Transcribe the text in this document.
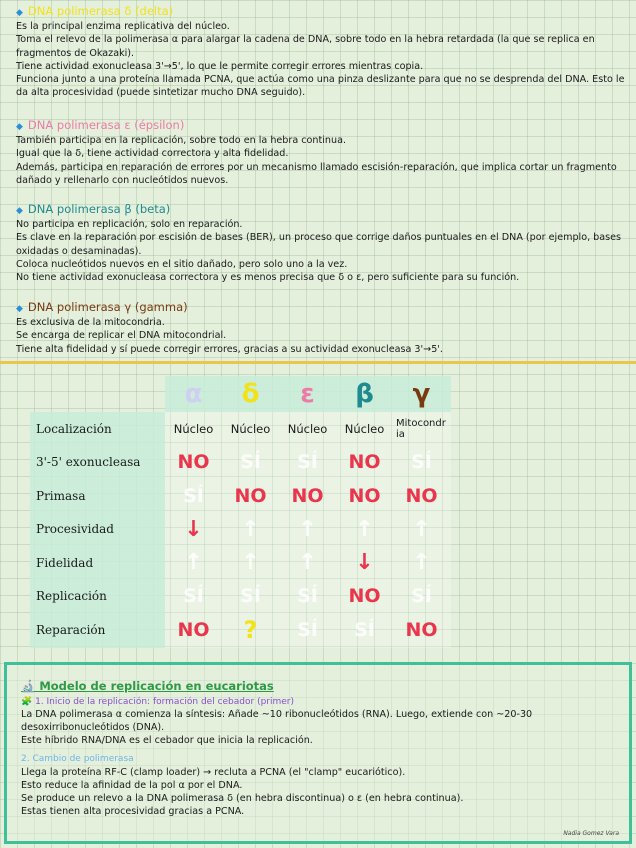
◆ DNA polimerasa δ (delta)
Es la principal enzima replicativa del núcleo.
Toma el relevo de la polimerasa α para alargar la cadena de DNA, sobre todo en la hebra retardada (la que se replica en fragmentos de Okazaki).
Tiene actividad exonucleasa 3'→5', lo que le permite corregir errores mientras copia.
Funciona junto a una proteína llamada PCNA, que actúa como una pinza deslizante para que no se desprenda del DNA. Esto le da alta procesividad (puede sintetizar mucho DNA seguido).
◆ DNA polimerasa ε (épsilon)
También participa en la replicación, sobre todo en la hebra continua.
Igual que la δ, tiene actividad correctora y alta fidelidad.
Además, participa en reparación de errores por un mecanismo llamado escisión-reparación, que implica cortar un fragmento dañado y rellenarlo con nucleótidos nuevos.
◆ DNA polimerasa β (beta)
No participa en replicación, solo en reparación.
Es clave en la reparación por escisión de bases (BER), un proceso que corrige daños puntuales en el DNA (por ejemplo, bases oxidadas o desaminadas).
Coloca nucleótidos nuevos en el sitio dañado, pero solo uno a la vez.
No tiene actividad exonucleasa correctora y es menos precisa que δ o ε, pero suficiente para su función.
◆ DNA polimerasa γ (gamma)
Es exclusiva de la mitocondria.
Se encarga de replicar el DNA mitocondrial.
Tiene alta fidelidad y sí puede corregir errores, gracias a su actividad exonucleasa 3'→5'.
α	δ	ε	β	γ
Localización	Núcleo	Núcleo	Núcleo	Núcleo	Mitocondria
3'-5' exonucleasa	NO	SÍ	SÍ	NO	SÍ
Primasa	SÍ	NO	NO	NO	NO
Procesividad	↓	↑	↑	↑	↑
Fidelidad	↑	↑	↑	↓	↑
Replicación	SÍ	SÍ	SÍ	NO	SÍ
Reparación	NO	?	SÍ	SÍ	NO
🔬 Modelo de replicación en eucariotas
🧩 1. Inicio de la replicación: formación del cebador (primer)
La DNA polimerasa α comienza la síntesis: Añade ~10 ribonucleótidos (RNA). Luego, extiende con ~20-30 desoxirribonucleótidos (DNA).
Este híbrido RNA/DNA es el cebador que inicia la replicación.
2. Cambio de polimerasa
Llega la proteína RF-C (clamp loader) → recluta a PCNA (el "clamp" eucariótico).
Esto reduce la afinidad de la pol α por el DNA.
Se produce un relevo a la DNA polimerasa δ (en hebra discontinua) o ε (en hebra continua).
Estas tienen alta procesividad gracias a PCNA.
Nadia Gomez Vara
